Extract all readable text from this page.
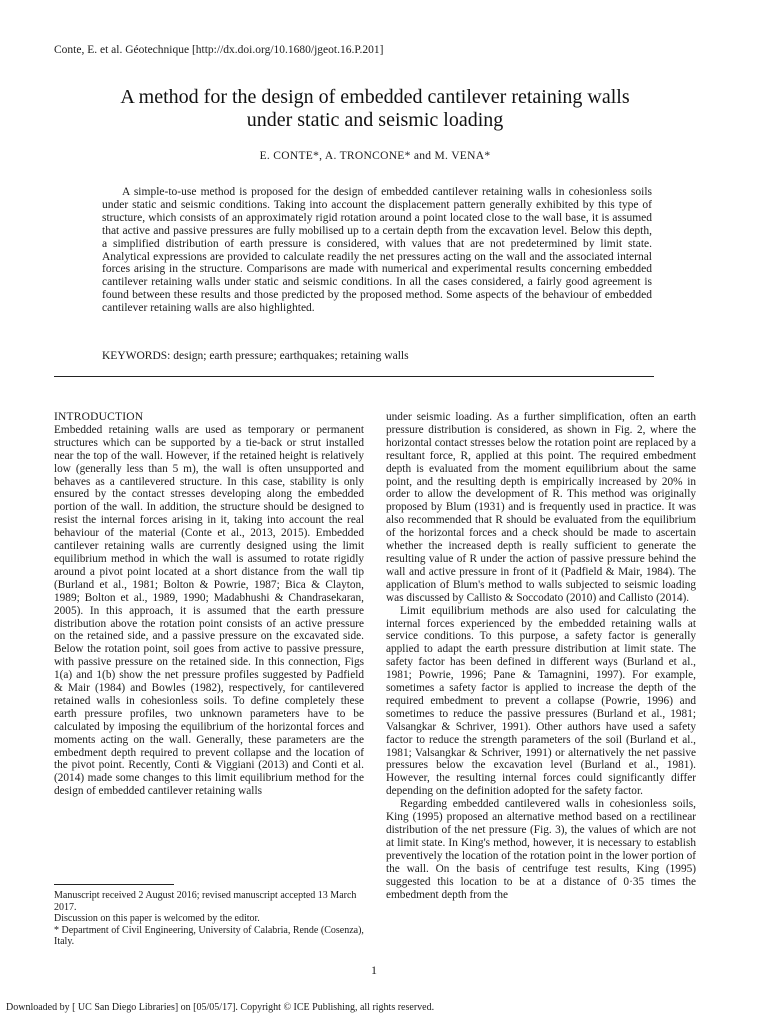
Conte, E. et al. Géotechnique [http://dx.doi.org/10.1680/jgeot.16.P.201]
A method for the design of embedded cantilever retaining walls
under static and seismic loading
E. CONTE*, A. TRONCONE* and M. VENA*

A simple-to-use method is proposed for the design of embedded cantilever retaining walls in cohesionless soils under static and seismic conditions. Taking into account the displacement pattern generally exhibited by this type of structure, which consists of an approximately rigid rotation around a point located close to the wall base, it is assumed that active and passive pressures are fully mobilised up to a certain depth from the excavation level. Below this depth, a simplified distribution of earth pressure is considered, with values that are not predetermined by limit state. Analytical expressions are provided to calculate readily the net pressures acting on the wall and the associated internal forces arising in the structure. Comparisons are made with numerical and experimental results concerning embedded cantilever retaining walls under static and seismic conditions. In all the cases considered, a fairly good agreement is found between these results and those predicted by the proposed method. Some aspects of the behaviour of embedded cantilever retaining walls are also highlighted.

KEYWORDS: design; earth pressure; earthquakes; retaining walls
INTRODUCTION

Embedded retaining walls are used as temporary or permanent structures which can be supported by a tie-back or strut installed near the top of the wall. However, if the retained height is relatively low (generally less than 5 m), the wall is often unsupported and behaves as a cantilevered structure. In this case, stability is only ensured by the contact stresses developing along the embedded portion of the wall. In addition, the structure should be designed to resist the internal forces arising in it, taking into account the real behaviour of the material (Conte et al., 2013, 2015). Embedded cantilever retaining walls are currently designed using the limit equilibrium method in which the wall is assumed to rotate rigidly around a pivot point located at a short distance from the wall tip (Burland et al., 1981; Bolton & Powrie, 1987; Bica & Clayton, 1989; Bolton et al., 1989, 1990; Madabhushi & Chandrasekaran, 2005). In this approach, it is assumed that the earth pressure distribution above the rotation point consists of an active pressure on the retained side, and a passive pressure on the excavated side. Below the rotation point, soil goes from active to passive pressure, with passive pressure on the retained side. In this connection, Figs 1(a) and 1(b) show the net pressure profiles suggested by Padfield & Mair (1984) and Bowles (1982), respectively, for cantilevered retained walls in cohesionless soils. To define completely these earth pressure profiles, two unknown parameters have to be calculated by imposing the equilibrium of the horizontal forces and moments acting on the wall. Generally, these parameters are the embedment depth required to prevent collapse and the location of the pivot point. Recently, Conti & Viggiani (2013) and Conti et al. (2014) made some changes to this limit equilibrium method for the design of embedded cantilever retaining walls

under seismic loading. As a further simplification, often an earth pressure distribution is considered, as shown in Fig. 2, where the horizontal contact stresses below the rotation point are replaced by a resultant force, R, applied at this point. The required embedment depth is evaluated from the moment equilibrium about the same point, and the resulting depth is empirically increased by 20% in order to allow the development of R. This method was originally proposed by Blum (1931) and is frequently used in practice. It was also recommended that R should be evaluated from the equilibrium of the horizontal forces and a check should be made to ascertain whether the increased depth is really sufficient to generate the resulting value of R under the action of passive pressure behind the wall and active pressure in front of it (Padfield & Mair, 1984). The application of Blum's method to walls subjected to seismic loading was discussed by Callisto & Soccodato (2010) and Callisto (2014).

Limit equilibrium methods are also used for calculating the internal forces experienced by the embedded retaining walls at service conditions. To this purpose, a safety factor is generally applied to adapt the earth pressure distribution at limit state. The safety factor has been defined in different ways (Burland et al., 1981; Powrie, 1996; Pane & Tamagnini, 1997). For example, sometimes a safety factor is applied to increase the depth of the required embedment to prevent a collapse (Powrie, 1996) and sometimes to reduce the passive pressures (Burland et al., 1981; Valsangkar & Schriver, 1991). Other authors have used a safety factor to reduce the strength parameters of the soil (Burland et al., 1981; Valsangkar & Schriver, 1991) or alternatively the net passive pressures below the excavation level (Burland et al., 1981). However, the resulting internal forces could significantly differ depending on the definition adopted for the safety factor.

Regarding embedded cantilevered walls in cohesionless soils, King (1995) proposed an alternative method based on a rectilinear distribution of the net pressure (Fig. 3), the values of which are not at limit state. In King's method, however, it is necessary to establish preventively the location of the rotation point in the lower portion of the wall. On the basis of centrifuge test results, King (1995) suggested this location to be at a distance of 0·35 times the embedment depth from the

Manuscript received 2 August 2016; revised manuscript accepted 13 March 2017.

Discussion on this paper is welcomed by the editor.

* Department of Civil Engineering, University of Calabria, Rende (Cosenza), Italy.

1
Downloaded by [ UC San Diego Libraries] on [05/05/17]. Copyright © ICE Publishing, all rights reserved.
